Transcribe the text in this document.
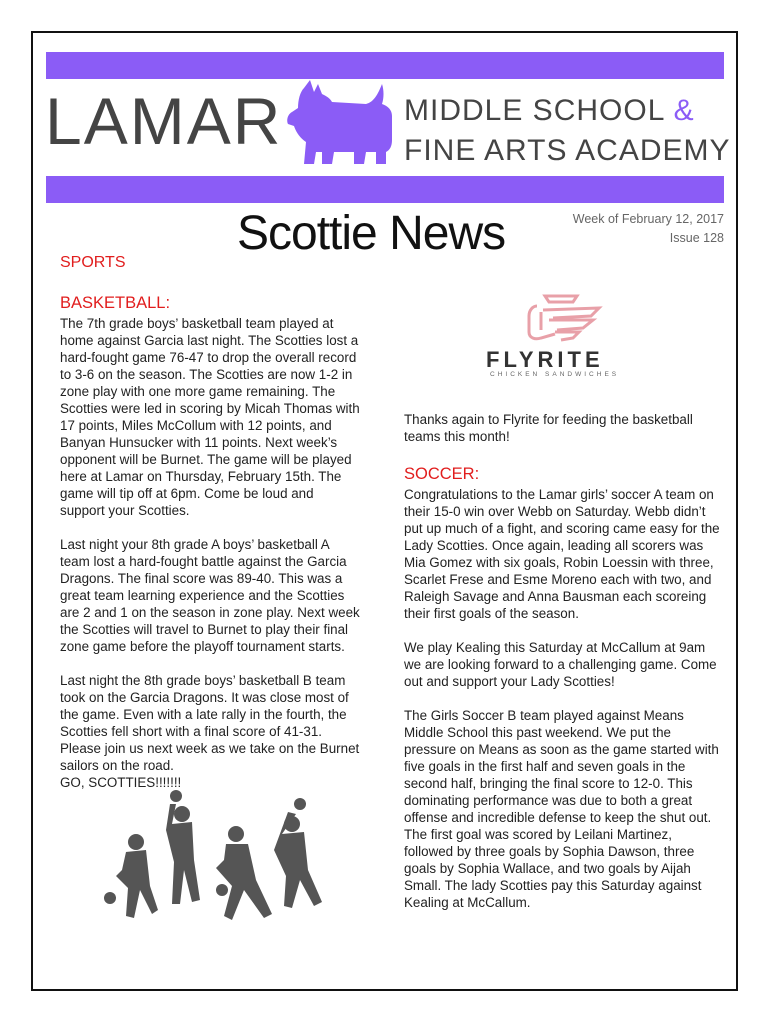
LAMAR	MIDDLE SCHOOL &
FINE ARTS ACADEMY
Scottie News	Week of February 12, 2017
Issue 128
SPORTS
BASKETBALL:

The 7th grade boys’ basketball team played at home against Garcia last night. The Scotties lost a hard-fought game 76-47 to drop the overall record to 3-6 on the season. The Scotties are now 1-2 in zone play with one more game remaining. The Scotties were led in scoring by Micah Thomas with 17 points, Miles McCollum with 12 points, and Banyan Hunsucker with 11 points. Next week’s opponent will be Burnet. The game will be played here at Lamar on Thursday, February 15th. The game will tip off at 6pm. Come be loud and support your Scotties.

Last night your 8th grade A boys’ basketball A team lost a hard-fought battle against the Garcia Dragons. The final score was 89-40. This was a great team learning experience and the Scotties are 2 and 1 on the season in zone play. Next week the Scotties will travel to Burnet to play their final zone game before the playoff tournament starts.

Last night the 8th grade boys’ basketball B team took on the Garcia Dragons. It was close most of the game. Even with a late rally in the fourth, the Scotties fell short with a final score of 41-31. Please join us next week as we take on the Burnet sailors on the road.

GO, SCOTTIES!!!!!!!

FLYRITE
CHICKEN SANDWICHES
Thanks again to Flyrite for feeding the basketball teams this month!
SOCCER:

Congratulations to the Lamar girls’ soccer A team on their 15-0 win over Webb on Saturday. Webb didn’t put up much of a fight, and scoring came easy for the Lady Scotties. Once again, leading all scorers was Mia Gomez with six goals, Robin Loessin with three, Scarlet Frese and Esme Moreno each with two, and Raleigh Savage and Anna Bausman each scoreing their first goals of the season.

We play Kealing this Saturday at McCallum at 9am we are looking forward to a challenging game. Come out and support your Lady Scotties!

The Girls Soccer B team played against Means Middle School this past weekend. We put the pressure on Means as soon as the game started with five goals in the first half and seven goals in the second half, bringing the final score to 12-0. This dominating performance was due to both a great offense and incredible defense to keep the shut out. The first goal was scored by Leilani Martinez, followed by three goals by Sophia Dawson, three goals by Sophia Wallace, and two goals by Aijah Small. The lady Scotties pay this Saturday against Kealing at McCallum.
